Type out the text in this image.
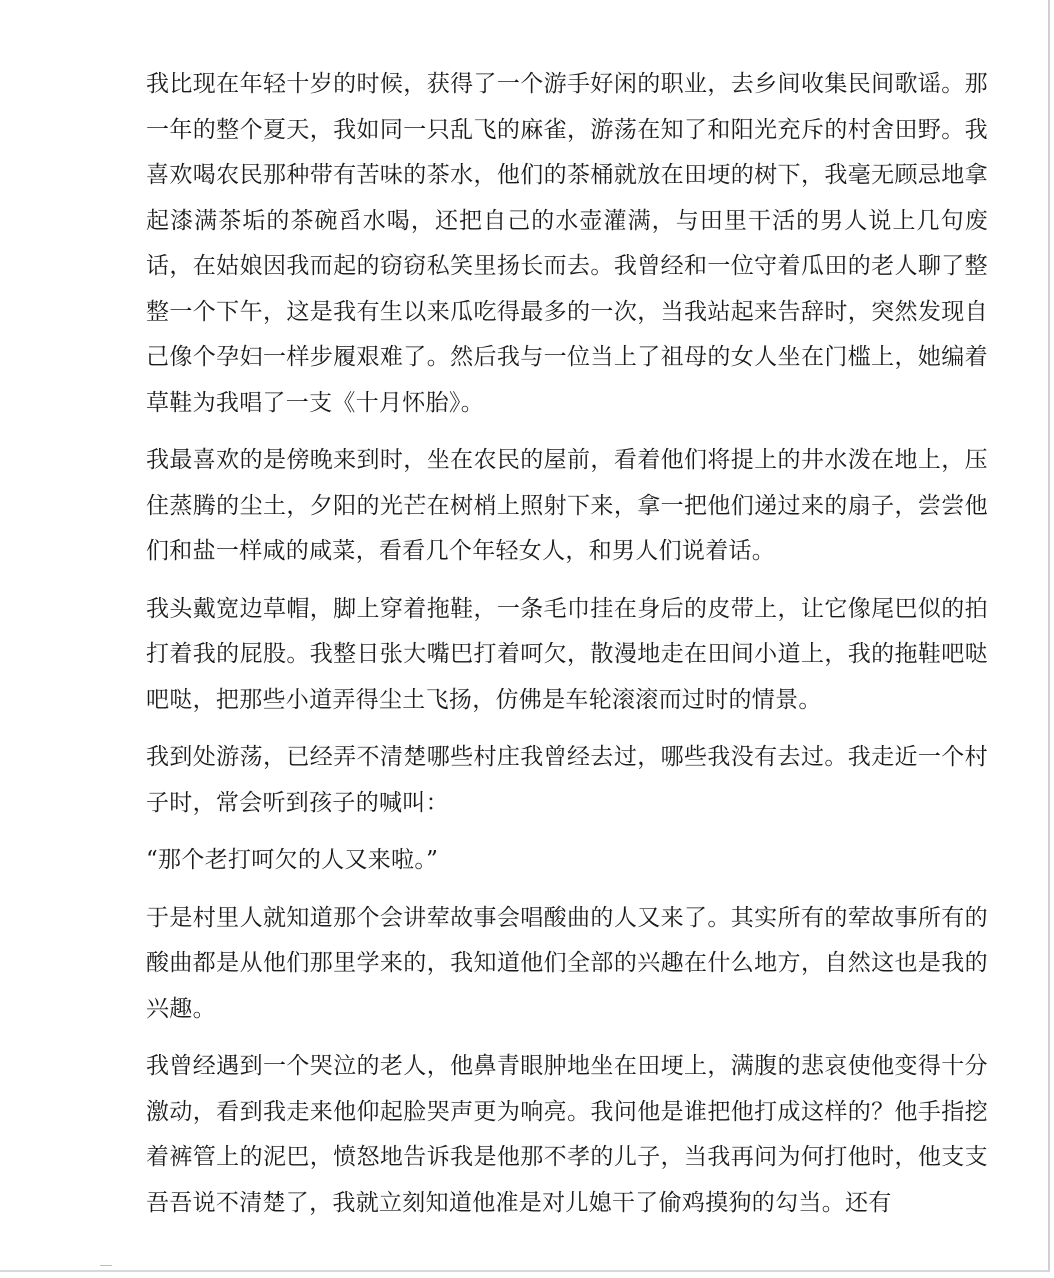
我比现在年轻十岁的时候，获得了一个游手好闲的职业，去乡间收集民间歌谣。那一年的整个夏天，我如同一只乱飞的麻雀，游荡在知了和阳光充斥的村舍田野。我喜欢喝农民那种带有苦味的茶水，他们的茶桶就放在田埂的树下，我毫无顾忌地拿起漆满茶垢的茶碗舀水喝，还把自己的水壶灌满，与田里干活的男人说上几句废话，在姑娘因我而起的窃窃私笑里扬长而去。我曾经和一位守着瓜田的老人聊了整整一个下午，这是我有生以来瓜吃得最多的一次，当我站起来告辞时，突然发现自己像个孕妇一样步履艰难了。然后我与一位当上了祖母的女人坐在门槛上，她编着草鞋为我唱了一支《十月怀胎》。

我最喜欢的是傍晚来到时，坐在农民的屋前，看着他们将提上的井水泼在地上，压住蒸腾的尘土，夕阳的光芒在树梢上照射下来，拿一把他们递过来的扇子，尝尝他们和盐一样咸的咸菜，看看几个年轻女人，和男人们说着话。

我头戴宽边草帽，脚上穿着拖鞋，一条毛巾挂在身后的皮带上，让它像尾巴似的拍打着我的屁股。我整日张大嘴巴打着呵欠，散漫地走在田间小道上，我的拖鞋吧哒吧哒，把那些小道弄得尘土飞扬，仿佛是车轮滚滚而过时的情景。

我到处游荡，已经弄不清楚哪些村庄我曾经去过，哪些我没有去过。我走近一个村子时，常会听到孩子的喊叫：

“那个老打呵欠的人又来啦。”

于是村里人就知道那个会讲荤故事会唱酸曲的人又来了。其实所有的荤故事所有的酸曲都是从他们那里学来的，我知道他们全部的兴趣在什么地方，自然这也是我的兴趣。

我曾经遇到一个哭泣的老人，他鼻青眼肿地坐在田埂上，满腹的悲哀使他变得十分激动，看到我走来他仰起脸哭声更为响亮。我问他是谁把他打成这样的？他手指挖着裤管上的泥巴，愤怒地告诉我是他那不孝的儿子，当我再问为何打他时，他支支吾吾说不清楚了，我就立刻知道他准是对儿媳干了偷鸡摸狗的勾当。还有
